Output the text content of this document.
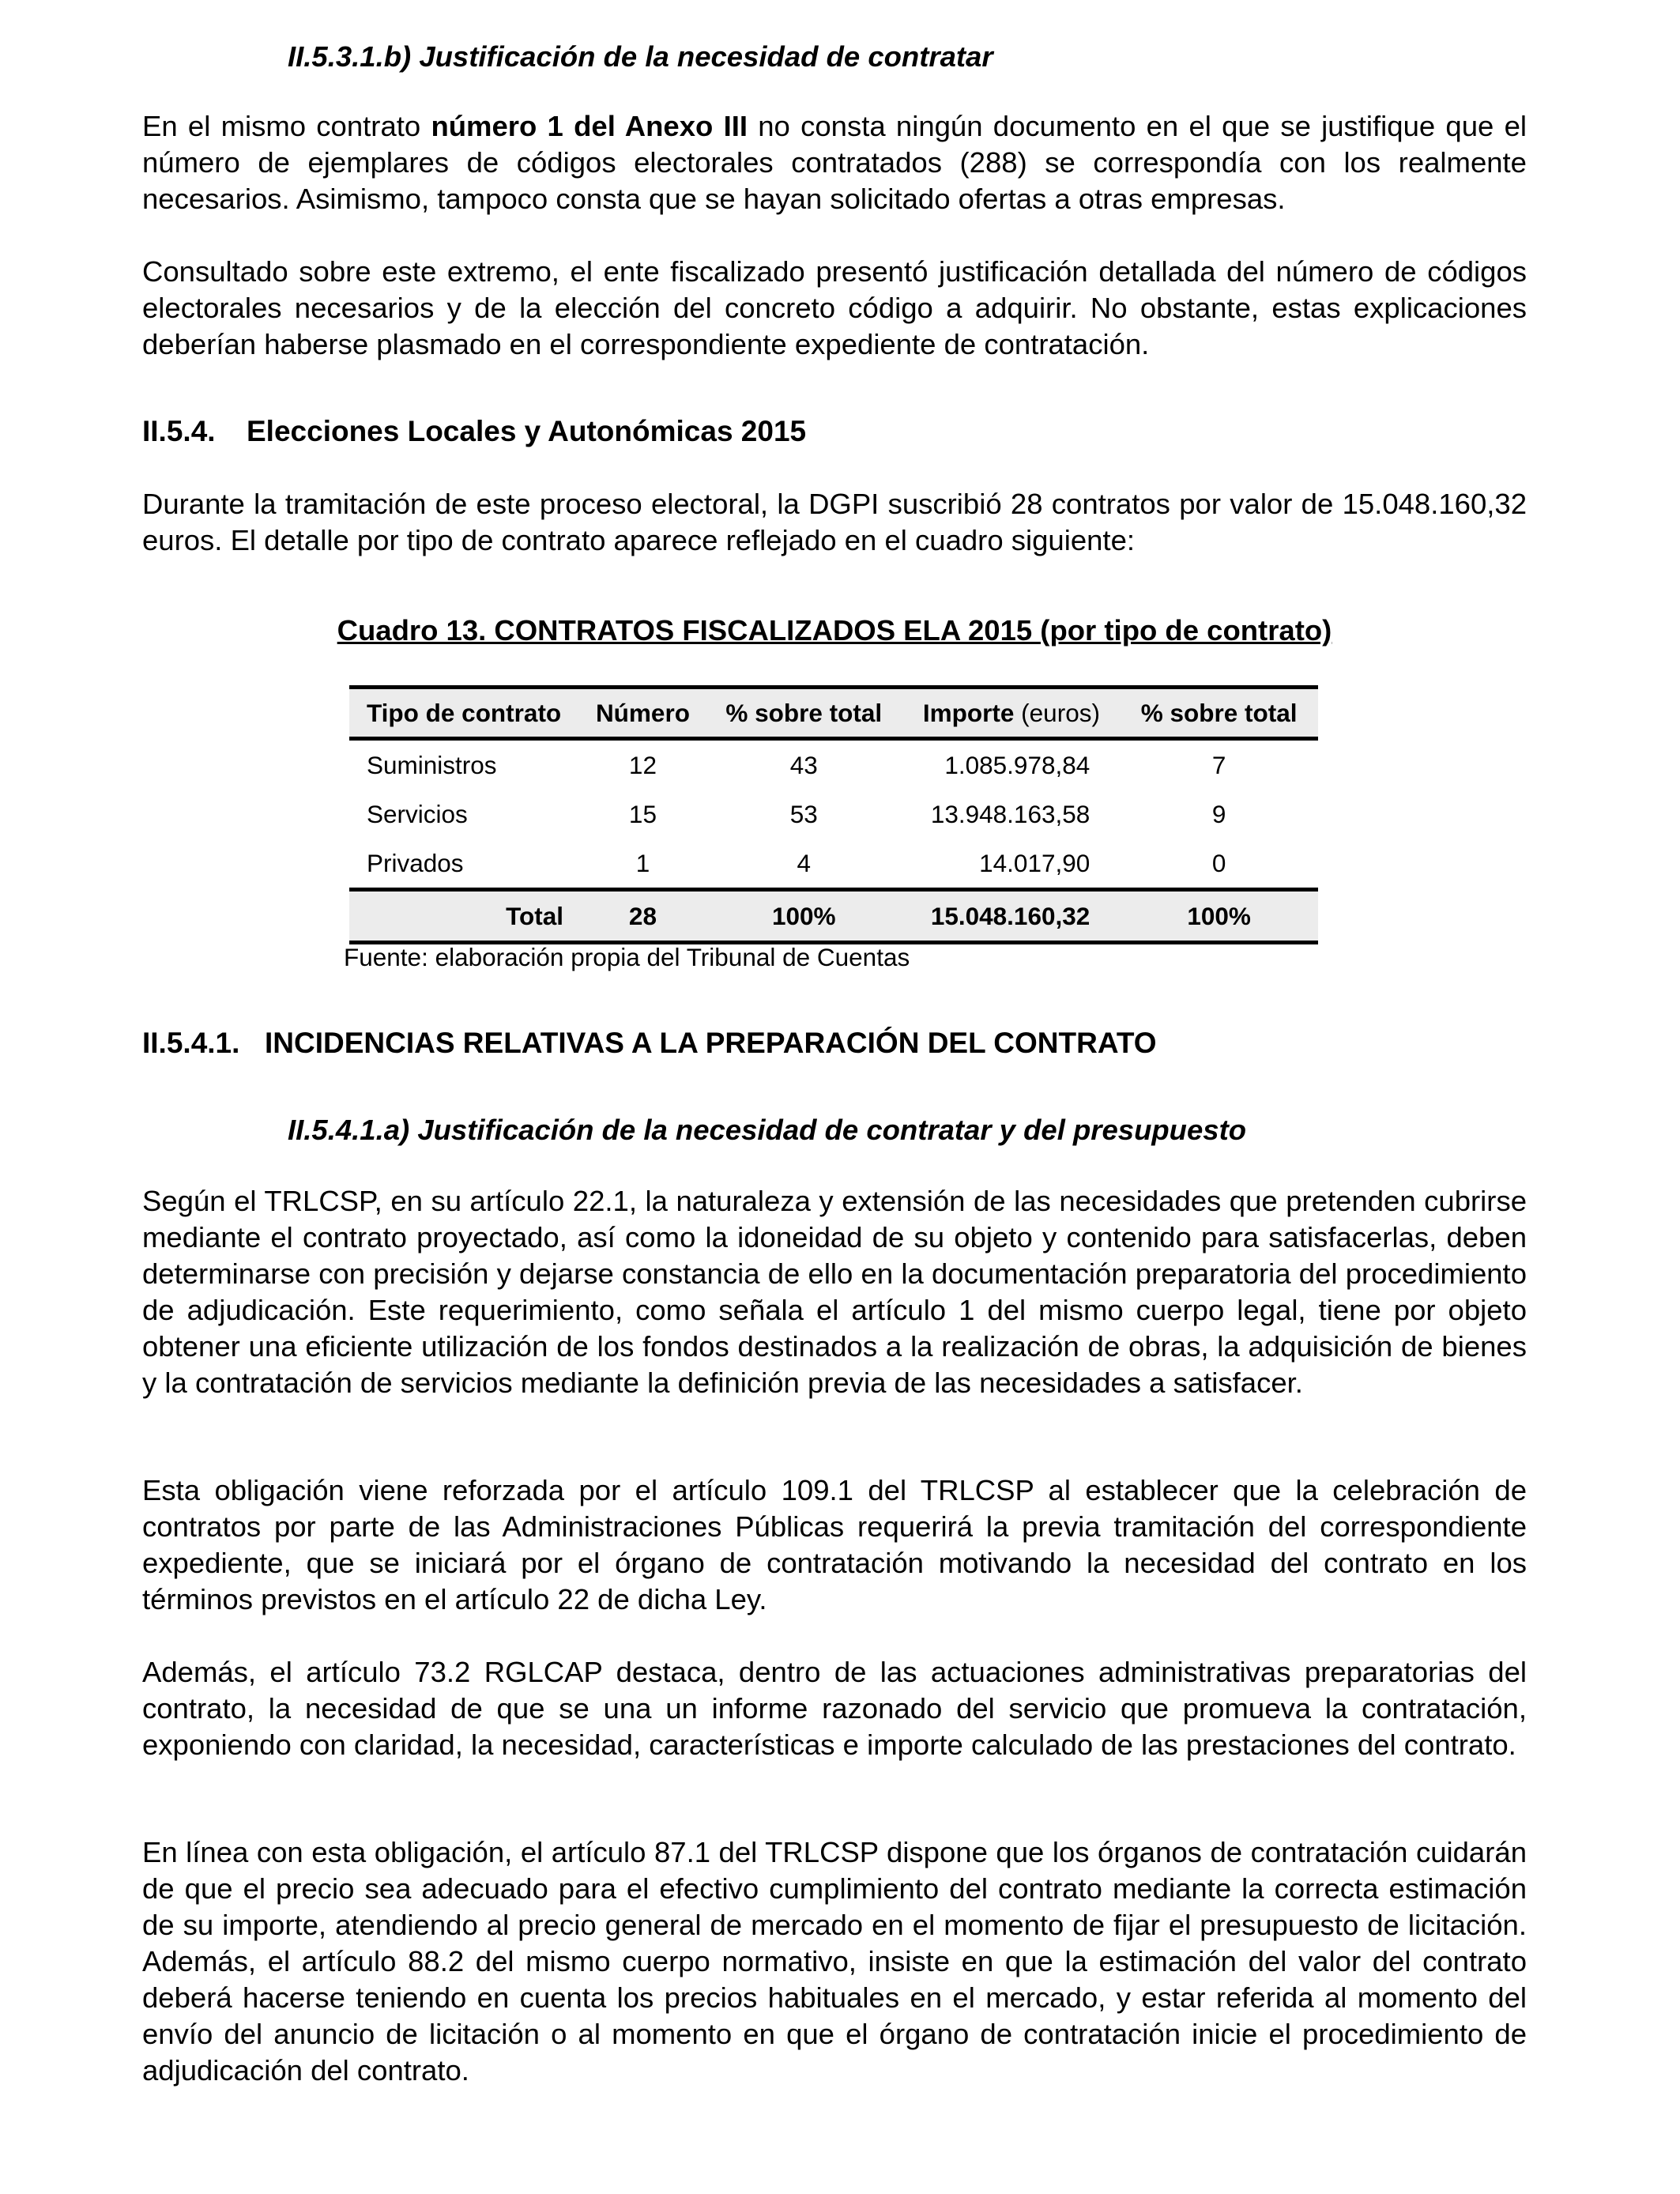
II.5.3.1.b) Justificación de la necesidad de contratar

En el mismo contrato número 1 del Anexo III no consta ningún documento en el que se justifique que el número de ejemplares de códigos electorales contratados (288) se correspondía con los realmente necesarios. Asimismo, tampoco consta que se hayan solicitado ofertas a otras empresas.

Consultado sobre este extremo, el ente fiscalizado presentó justificación detallada del número de códigos electorales necesarios y de la elección del concreto código a adquirir. No obstante, estas explicaciones deberían haberse plasmado en el correspondiente expediente de contratación.

II.5.4. Elecciones Locales y Autonómicas 2015

Durante la tramitación de este proceso electoral, la DGPI suscribió 28 contratos por valor de 15.048.160,32 euros. El detalle por tipo de contrato aparece reflejado en el cuadro siguiente:

Cuadro 13. CONTRATOS FISCALIZADOS ELA 2015 (por tipo de contrato)

Tipo de contrato	Número	% sobre total	Importe (euros)	% sobre total
Suministros	12	43	1.085.978,84	7
Servicios	15	53	13.948.163,58	9
Privados	1	4	14.017,90	0
Total	28	100%	15.048.160,32	100%

Fuente: elaboración propia del Tribunal de Cuentas

II.5.4.1. INCIDENCIAS RELATIVAS A LA PREPARACIÓN DEL CONTRATO
II.5.4.1.a) Justificación de la necesidad de contratar y del presupuesto

Según el TRLCSP, en su artículo 22.1, la naturaleza y extensión de las necesidades que pretenden cubrirse mediante el contrato proyectado, así como la idoneidad de su objeto y contenido para satisfacerlas, deben determinarse con precisión y dejarse constancia de ello en la documentación preparatoria del procedimiento de adjudicación. Este requerimiento, como señala el artículo 1 del mismo cuerpo legal, tiene por objeto obtener una eficiente utilización de los fondos destinados a la realización de obras, la adquisición de bienes y la contratación de servicios mediante la definición previa de las necesidades a satisfacer.

Esta obligación viene reforzada por el artículo 109.1 del TRLCSP al establecer que la celebración de contratos por parte de las Administraciones Públicas requerirá la previa tramitación del correspondiente expediente, que se iniciará por el órgano de contratación motivando la necesidad del contrato en los términos previstos en el artículo 22 de dicha Ley.

Además, el artículo 73.2 RGLCAP destaca, dentro de las actuaciones administrativas preparatorias del contrato, la necesidad de que se una un informe razonado del servicio que promueva la contratación, exponiendo con claridad, la necesidad, características e importe calculado de las prestaciones del contrato.

En línea con esta obligación, el artículo 87.1 del TRLCSP dispone que los órganos de contratación cuidarán de que el precio sea adecuado para el efectivo cumplimiento del contrato mediante la correcta estimación de su importe, atendiendo al precio general de mercado en el momento de fijar el presupuesto de licitación. Además, el artículo 88.2 del mismo cuerpo normativo, insiste en que la estimación del valor del contrato deberá hacerse teniendo en cuenta los precios habituales en el mercado, y estar referida al momento del envío del anuncio de licitación o al momento en que el órgano de contratación inicie el procedimiento de adjudicación del contrato.
